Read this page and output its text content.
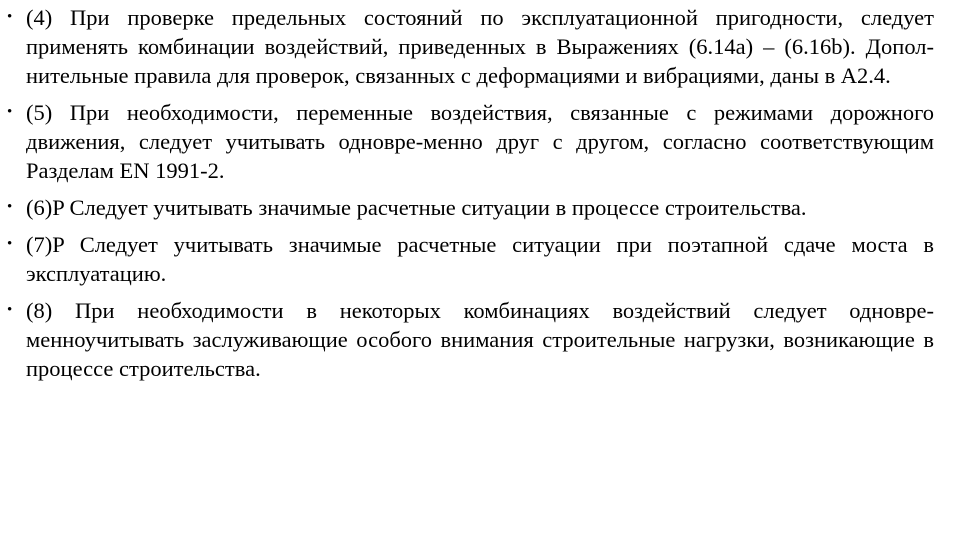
• (4) При проверке предельных состояний по эксплуатационной пригодности, следует применять комбинации воздействий, приведенных в Выражениях (6.14а) – (6.16b). Допол-нительные правила для проверок, связанных с деформациями и вибрациями, даны в А2.4.
• (5) При необходимости, переменные воздействия, связанные с режимами дорожного движения, следует учитывать одновре-менно друг с другом, согласно соответствующим Разделам EN 1991-2.
• (6)P Следует учитывать значимые расчетные ситуации в процессе строительства.
• (7)P Следует учитывать значимые расчетные ситуации при поэтапной сдаче моста в эксплуатацию.
• (8) При необходимости в некоторых комбинациях воздействий следует одновре-менноучитывать заслуживающие особого внимания строительные нагрузки, возникающие в процессе строительства.
